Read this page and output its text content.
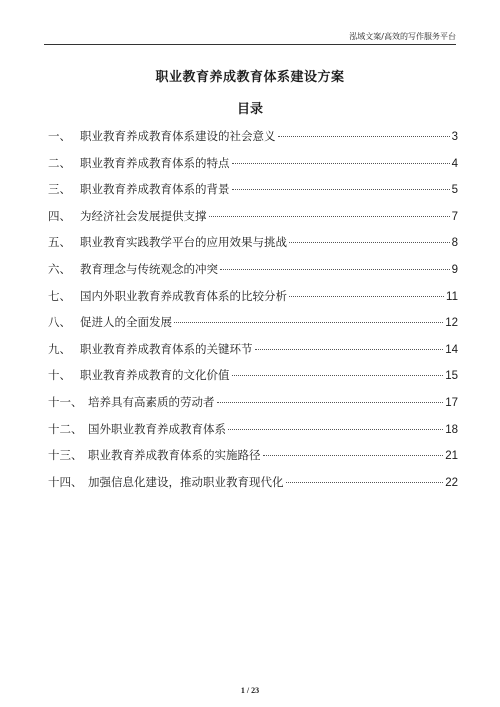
泓域文案/高效的写作服务平台
职业教育养成教育体系建设方案
目录
一、 职业教育养成教育体系建设的社会意义	3
二、 职业教育养成教育体系的特点	4
三、 职业教育养成教育体系的背景	5
四、 为经济社会发展提供支撑	7
五、 职业教育实践教学平台的应用效果与挑战	8
六、 教育理念与传统观念的冲突	9
七、 国内外职业教育养成教育体系的比较分析	11
八、 促进人的全面发展	12
九、 职业教育养成教育体系的关键环节	14
十、 职业教育养成教育的文化价值	15
十一、 培养具有高素质的劳动者	17
十二、 国外职业教育养成教育体系	18
十三、 职业教育养成教育体系的实施路径	21
十四、 加强信息化建设，推动职业教育现代化	22
1 / 23
